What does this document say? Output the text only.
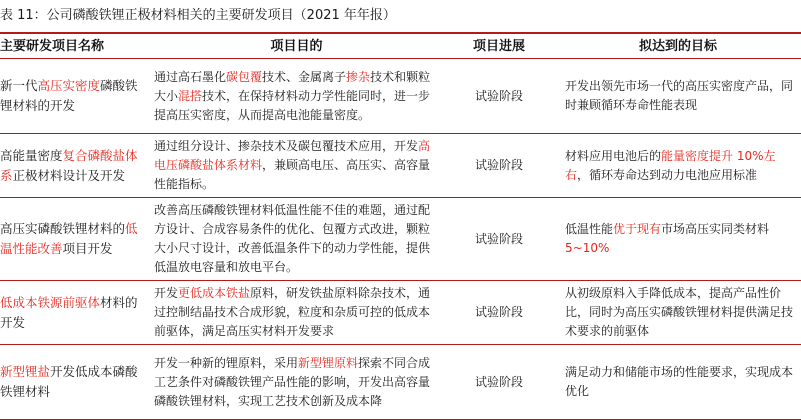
表 11：公司磷酸铁锂正极材料相关的主要研发项目（2021 年年报）
主要研发项目名称	项目目的	项目进展	拟达到的目标
新一代高压实密度磷酸铁锂材料的开发	通过高石墨化碳包覆技术、金属离子掺杂技术和颗粒大小混搭技术，在保持材料动力学性能同时，进一步提高压实密度，从而提高电池能量密度。	试验阶段	开发出领先市场一代的高压实密度产品，同时兼顾循环寿命性能表现
高能量密度复合磷酸盐体系正极材料设计及开发	通过组分设计、掺杂技术及碳包覆技术应用，开发高电压磷酸盐体系材料，兼顾高电压、高压实、高容量性能指标。	试验阶段	材料应用电池后的能量密度提升 10%左右，循环寿命达到动力电池应用标准
高压实磷酸铁锂材料的低温性能改善项目开发	改善高压磷酸铁锂材料低温性能不佳的难题，通过配方设计、合成容易条件的优化、包覆方式改进，颗粒大小尺寸设计，改善低温条件下的动力学性能，提供低温放电容量和放电平台。	试验阶段	低温性能优于现有市场高压实同类材料 5~10%
低成本铁源前驱体材料的开发	开发更低成本铁盐原料，研发铁盐原料除杂技术，通过控制结晶技术合成形貌，粒度和杂质可控的低成本前驱体，满足高压实材料开发要求	试验阶段	从初级原料入手降低成本，提高产品性价比，同时为高压实磷酸铁锂材料提供满足技术要求的前驱体
新型锂盐开发低成本磷酸铁锂材料	开发一种新的锂原料，采用新型锂原料探索不同合成工艺条件对磷酸铁锂产品性能的影响，开发出高容量磷酸铁锂材料，实现工艺技术创新及成本降	试验阶段	满足动力和储能市场的性能要求，实现成本优化
